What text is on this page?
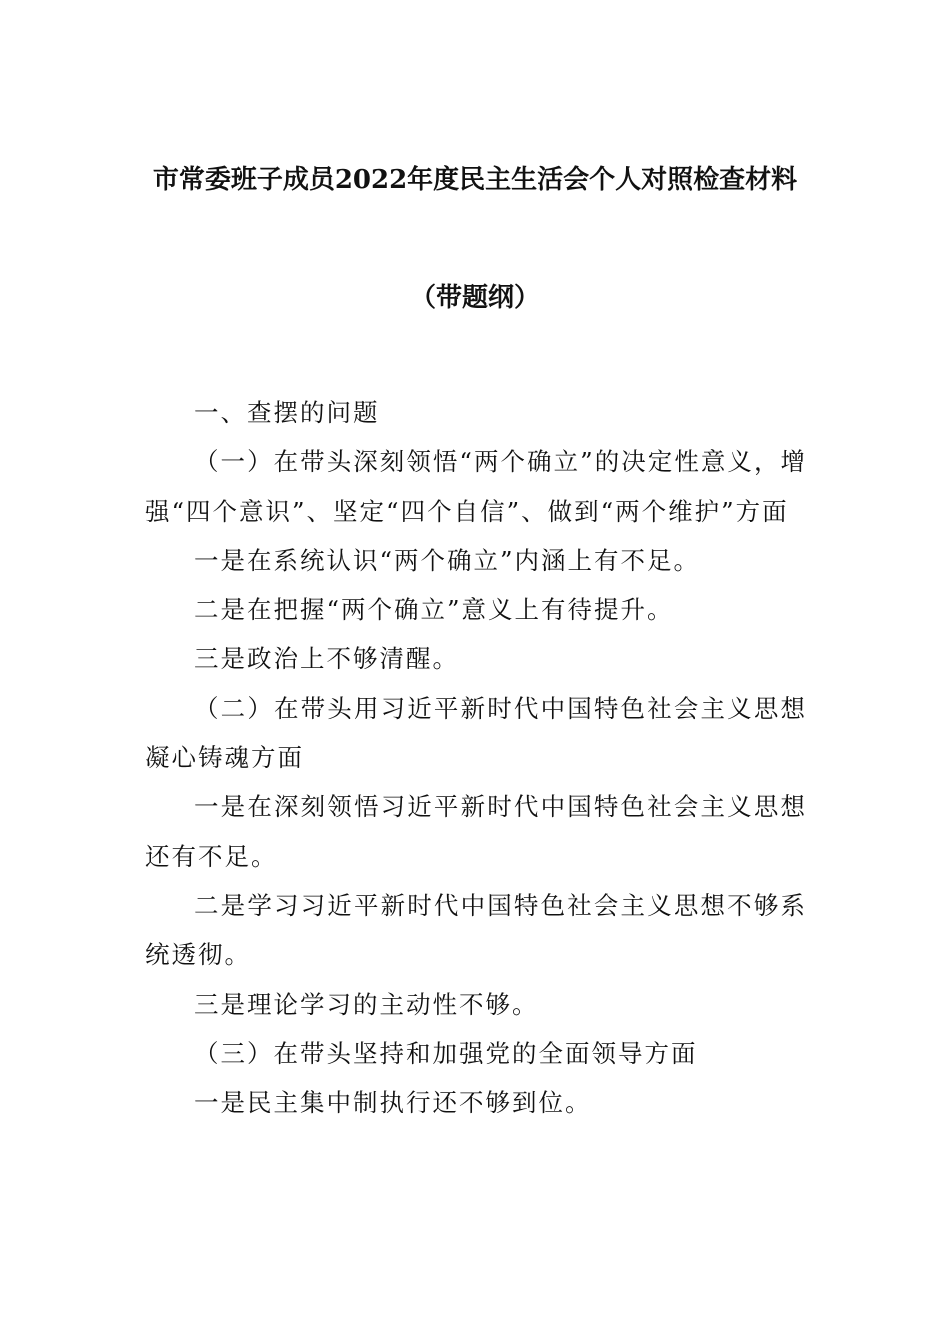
市常委班子成员2022年度民主生活会个人对照检查材料
（带题纲）

一、查摆的问题

（一）在带头深刻领悟“两个确立”的决定性意义，增强“四个意识”、坚定“四个自信”、做到“两个维护”方面

一是在系统认识“两个确立”内涵上有不足。

二是在把握“两个确立”意义上有待提升。

三是政治上不够清醒。

（二）在带头用习近平新时代中国特色社会主义思想凝心铸魂方面

一是在深刻领悟习近平新时代中国特色社会主义思想还有不足。

二是学习习近平新时代中国特色社会主义思想不够系统透彻。

三是理论学习的主动性不够。

（三）在带头坚持和加强党的全面领导方面

一是民主集中制执行还不够到位。
